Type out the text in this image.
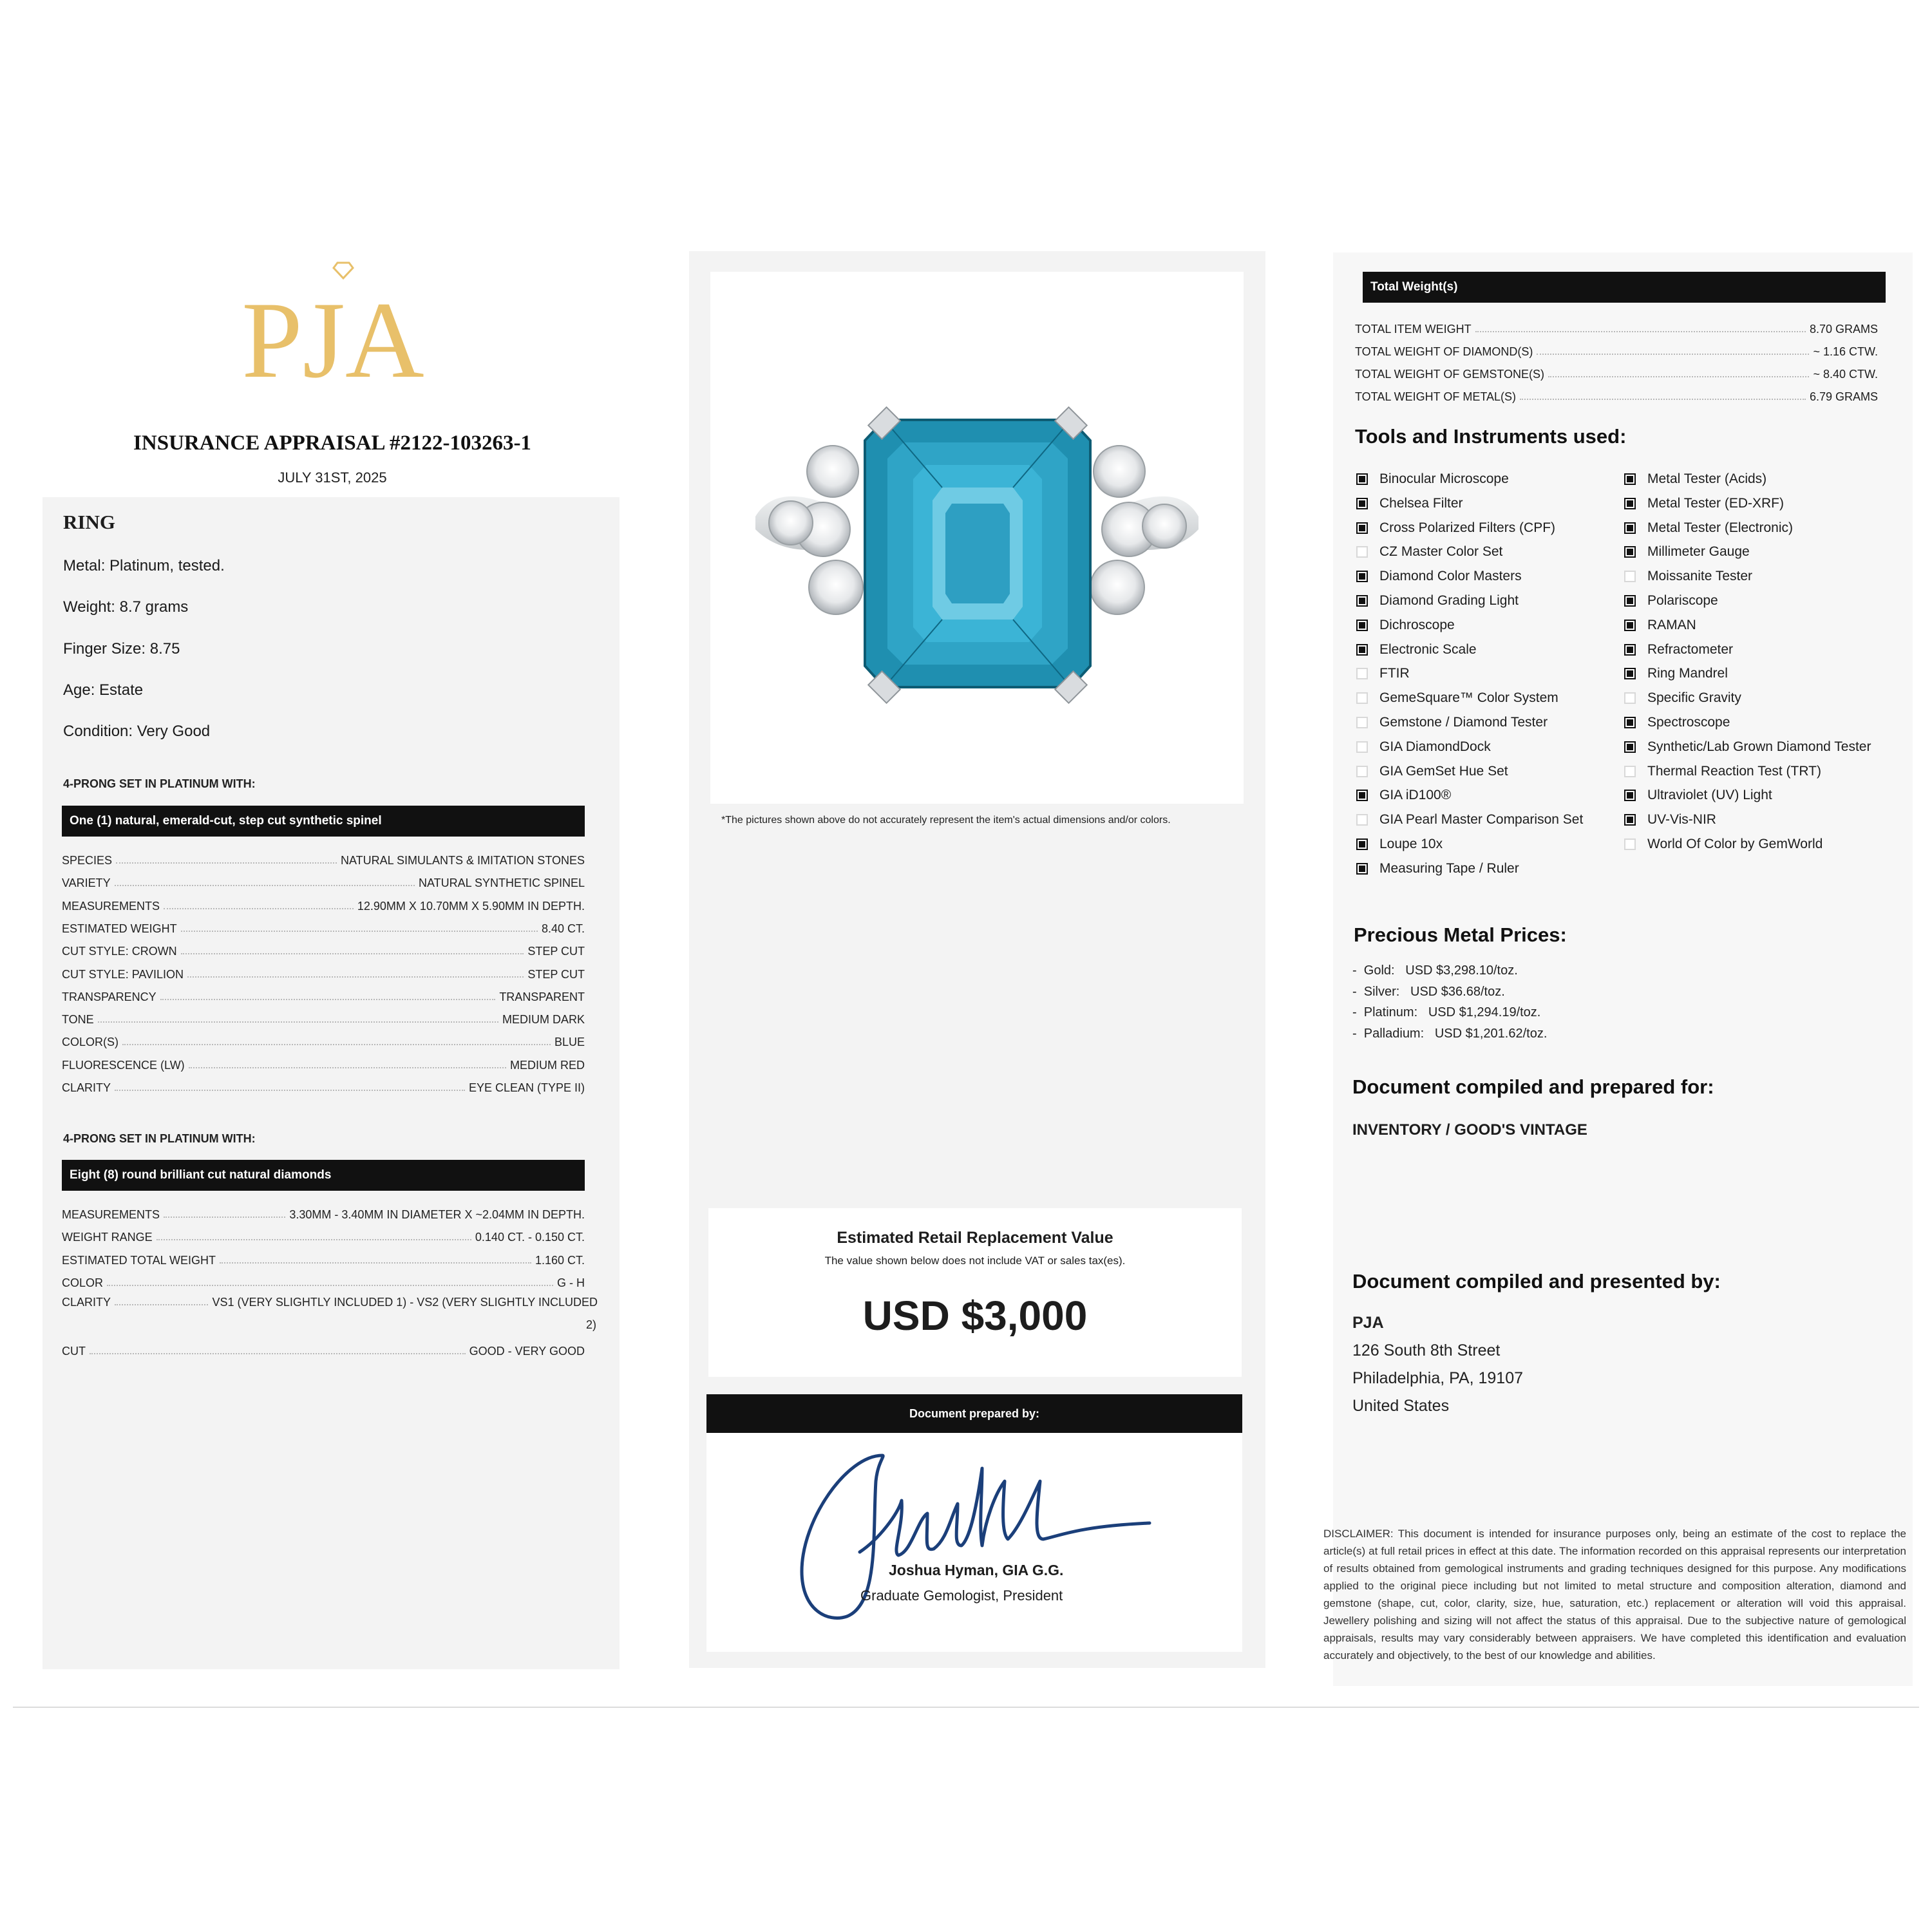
PJA
INSURANCE APPRAISAL #2122-103263-1
JULY 31ST, 2025
RING
Metal: Platinum, tested.
Weight: 8.7 grams
Finger Size: 8.75
Age: Estate
Condition: Very Good
4-PRONG SET IN PLATINUM WITH:
One (1) natural, emerald-cut, step cut synthetic spinel
SPECIES	NATURAL SIMULANTS & IMITATION STONES
VARIETY	NATURAL SYNTHETIC SPINEL
MEASUREMENTS	12.90MM X 10.70MM X 5.90MM IN DEPTH.
ESTIMATED WEIGHT	8.40 CT.
CUT STYLE: CROWN	STEP CUT
CUT STYLE: PAVILION	STEP CUT
TRANSPARENCY	TRANSPARENT
TONE	MEDIUM DARK
COLOR(S)	BLUE
FLUORESCENCE (LW)	MEDIUM RED
CLARITY	EYE CLEAN (TYPE II)
4-PRONG SET IN PLATINUM WITH:
Eight (8) round brilliant cut natural diamonds
MEASUREMENTS	3.30MM - 3.40MM IN DIAMETER X ~2.04MM IN DEPTH.
WEIGHT RANGE	0.140 CT. - 0.150 CT.
ESTIMATED TOTAL WEIGHT	1.160 CT.
COLOR	G - H
CLARITY	VS1 (VERY SLIGHTLY INCLUDED 1) - VS2 (VERY SLIGHTLY INCLUDED
2)
CUT	GOOD - VERY GOOD
*The pictures shown above do not accurately represent the item's actual dimensions and/or colors.
Estimated Retail Replacement Value
The value shown below does not include VAT or sales tax(es).
USD $3,000
Document prepared by:
Joshua Hyman, GIA G.G.
Graduate Gemologist, President
Total Weight(s)
TOTAL ITEM WEIGHT	8.70 GRAMS
TOTAL WEIGHT OF DIAMOND(S)	~ 1.16 CTW.
TOTAL WEIGHT OF GEMSTONE(S)	~ 8.40 CTW.
TOTAL WEIGHT OF METAL(S)	6.79 GRAMS
Tools and Instruments used:
Binocular Microscope
Chelsea Filter
Cross Polarized Filters (CPF)
CZ Master Color Set
Diamond Color Masters
Diamond Grading Light
Dichroscope
Electronic Scale
FTIR
GemeSquare™ Color System
Gemstone / Diamond Tester
GIA DiamondDock
GIA GemSet Hue Set
GIA iD100®
GIA Pearl Master Comparison Set
Loupe 10x
Measuring Tape / Ruler
Metal Tester (Acids)
Metal Tester (ED-XRF)
Metal Tester (Electronic)
Millimeter Gauge
Moissanite Tester
Polariscope
RAMAN
Refractometer
Ring Mandrel
Specific Gravity
Spectroscope
Synthetic/Lab Grown Diamond Tester
Thermal Reaction Test (TRT)
Ultraviolet (UV) Light
UV-Vis-NIR
World Of Color by GemWorld
Precious Metal Prices:
-  Gold:   USD $3,298.10/toz.
-  Silver:   USD $36.68/toz.
-  Platinum:   USD $1,294.19/toz.
-  Palladium:   USD $1,201.62/toz.
Document compiled and prepared for:
INVENTORY / GOOD'S VINTAGE
Document compiled and presented by:
PJA
126 South 8th Street
Philadelphia, PA, 19107
United States
DISCLAIMER: This document is intended for insurance purposes only, being an estimate of the cost to replace the article(s) at full retail prices in effect at this date. The information recorded on this appraisal represents our interpretation of results obtained from gemological instruments and grading techniques designed for this purpose. Any modifications applied to the original piece including but not limited to metal structure and composition alteration, diamond and gemstone (shape, cut, color, clarity, size, hue, saturation, etc.) replacement or alteration will void this appraisal. Jewellery polishing and sizing will not affect the status of this appraisal. Due to the subjective nature of gemological appraisals, results may vary considerably between appraisers. We have completed this identification and evaluation accurately and objectively, to the best of our knowledge and abilities.
